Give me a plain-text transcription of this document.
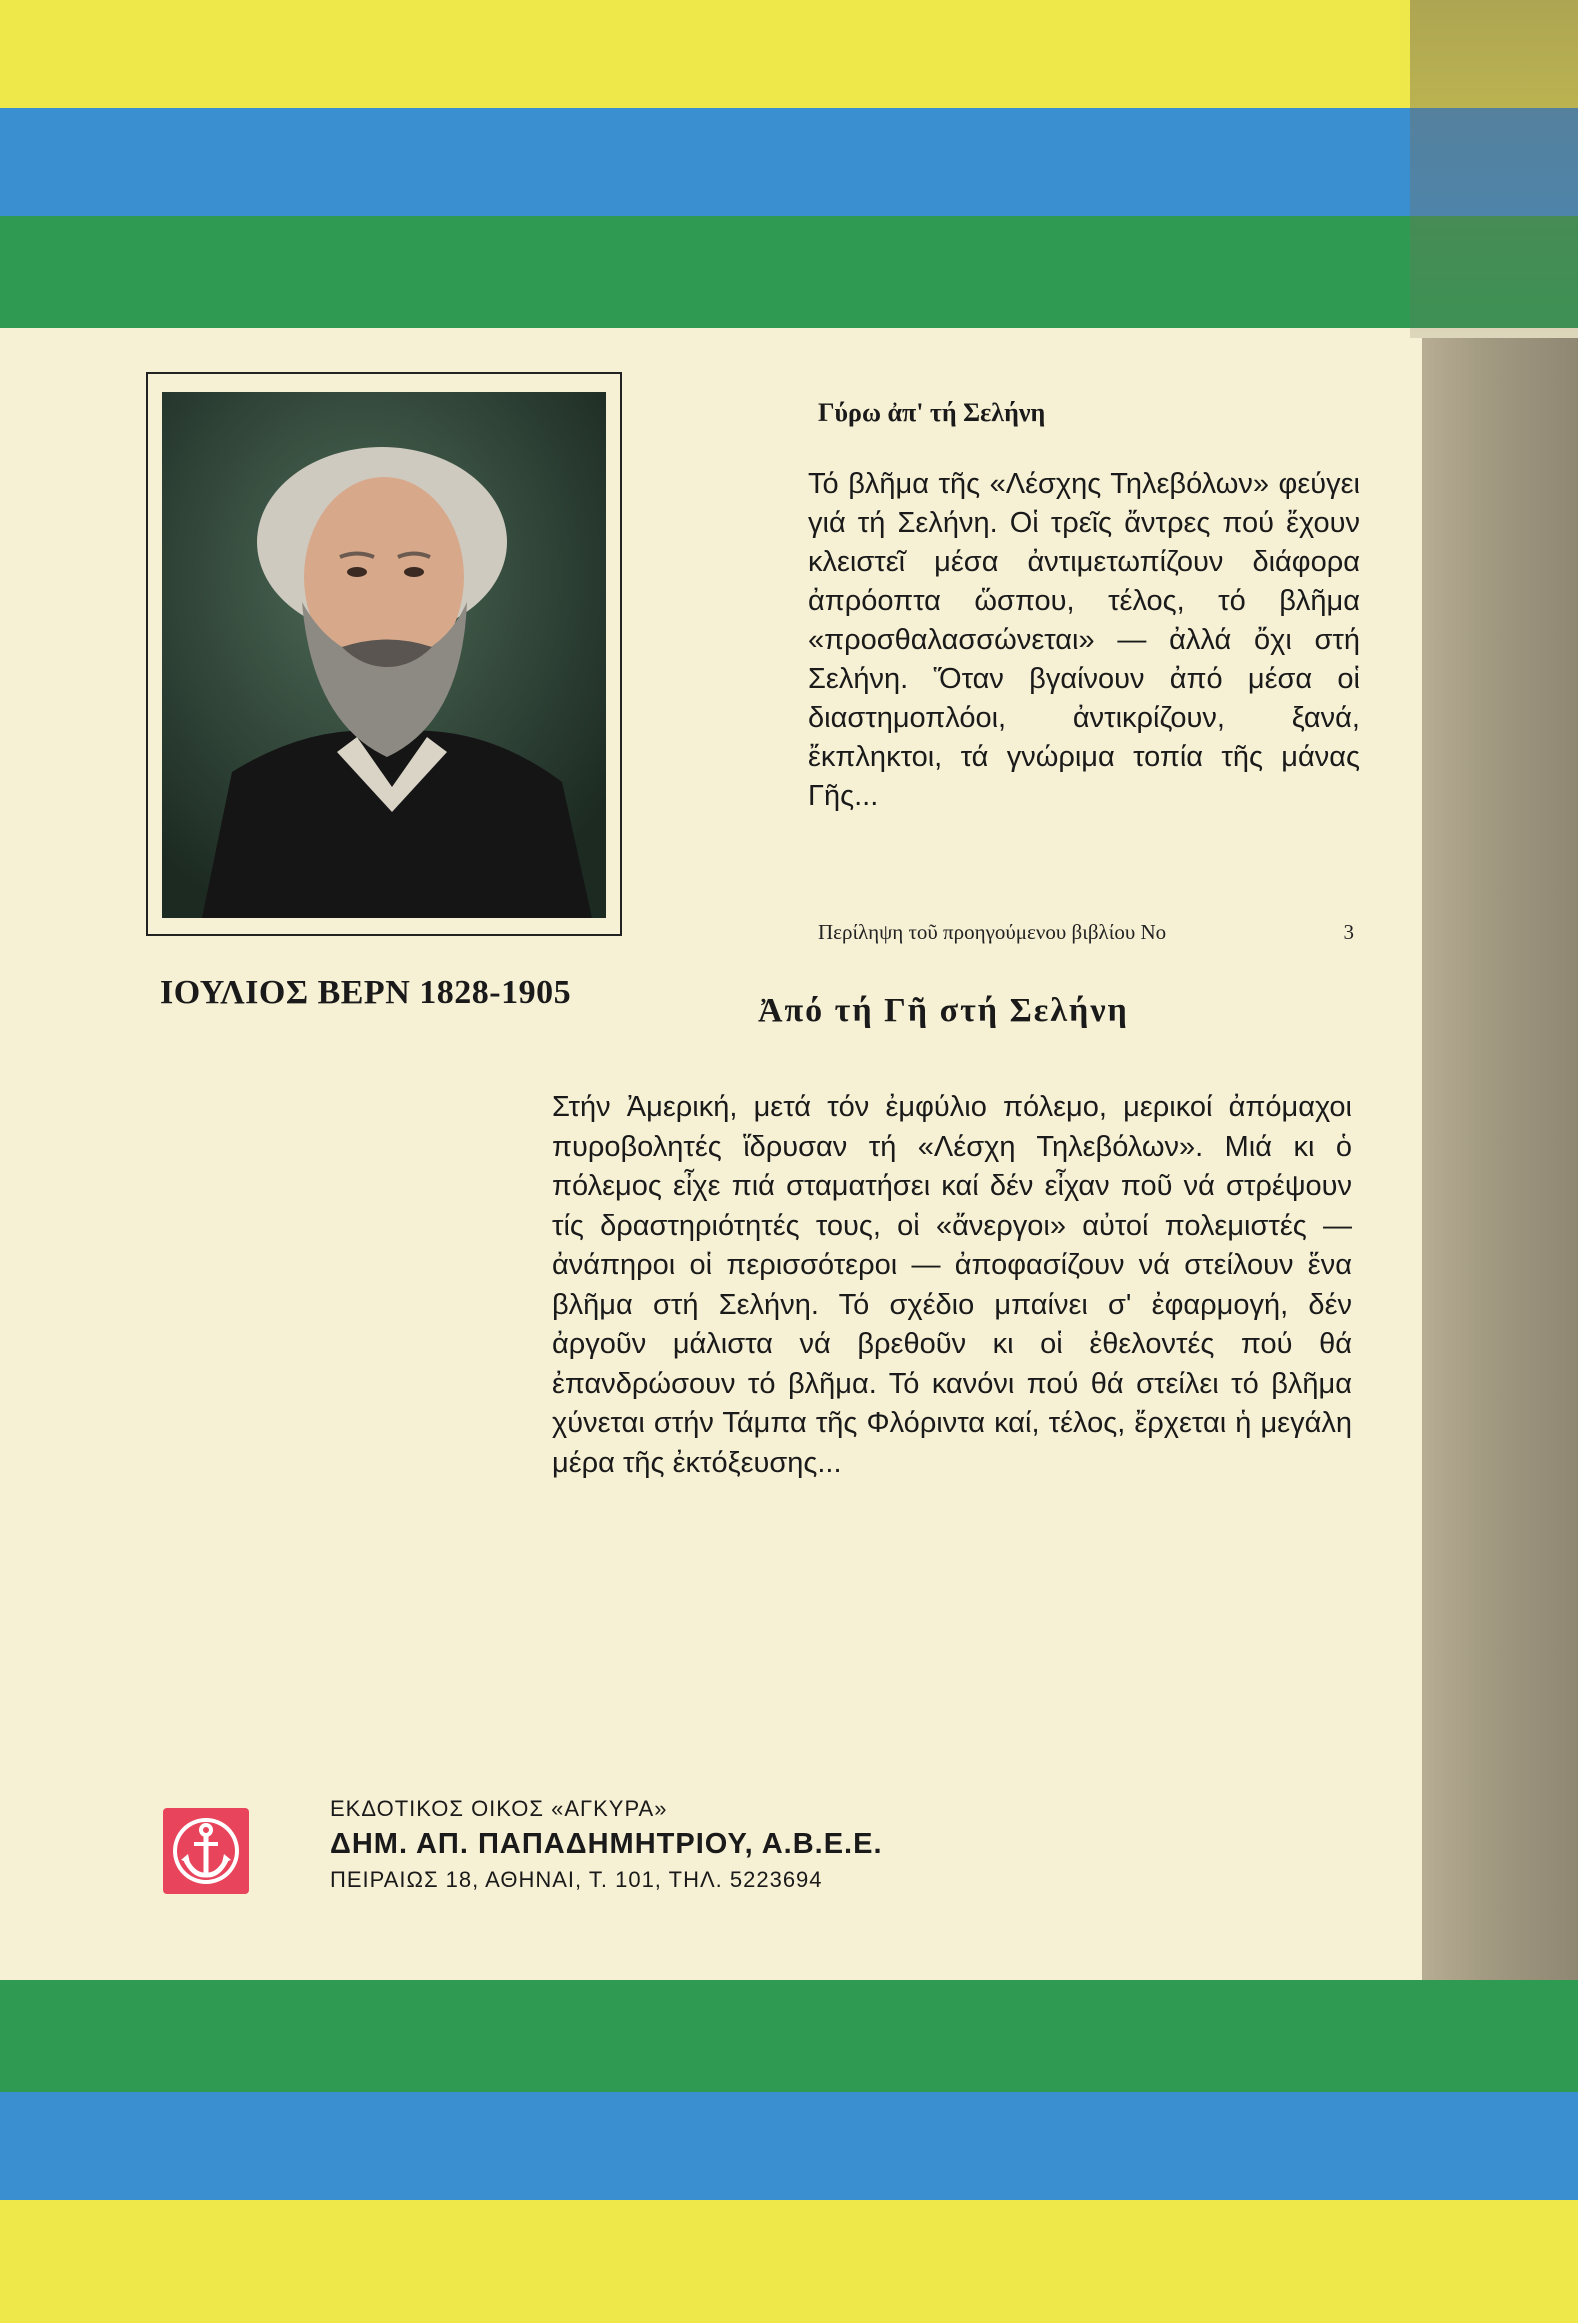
ΙΟΥΛΙΟΣ ΒΕΡΝ 1828-1905
Γύρω ἀπ' τή Σελήνη
Τό βλῆμα τῆς «Λέσχης Τηλεβόλων» φεύγει γιά τή Σελήνη. Οἱ τρεῖς ἄντρες πού ἔχουν κλειστεῖ μέσα ἀντιμετωπίζουν διάφορα ἀπρόοπτα ὥσπου, τέλος, τό βλῆμα «προσθαλασσώνεται» — ἀλλά ὄχι στή Σελήνη. Ὅταν βγαίνουν ἀπό μέσα οἱ διαστημοπλόοι, ἀντικρίζουν, ξανά, ἔκπληκτοι, τά γνώριμα τοπία τῆς μάνας Γῆς...
Περίληψη τοῦ προηγούμενου βιβλίου Νο	3
Ἀπό τή Γῆ στή Σελήνη
Στήν Ἀμερική, μετά τόν ἐμφύλιο πόλεμο, μερικοί ἀπόμαχοι πυροβολητές ἵδρυσαν τή «Λέσχη Τηλεβόλων». Μιά κι ὁ πόλεμος εἶχε πιά σταματήσει καί δέν εἶχαν ποῦ νά στρέψουν τίς δραστηριότητές τους, οἱ «ἄνεργοι» αὐτοί πολεμιστές — ἀνάπηροι οἱ περισσότεροι — ἀποφασίζουν νά στείλουν ἕνα βλῆμα στή Σελήνη. Τό σχέδιο μπαίνει σ' ἐφαρμογή, δέν ἀργοῦν μάλιστα νά βρεθοῦν κι οἱ ἐθελοντές πού θά ἐπανδρώσουν τό βλῆμα. Τό κανόνι πού θά στείλει τό βλῆμα χύνεται στήν Τάμπα τῆς Φλόριντα καί, τέλος, ἔρχεται ἡ μεγάλη μέρα τῆς ἐκτόξευσης...
ΕΚΔΟΤΙΚΟΣ ΟΙΚΟΣ «ΑΓΚΥΡΑ»
ΔΗΜ. ΑΠ. ΠΑΠΑΔΗΜΗΤΡΙΟΥ, Α.Β.Ε.Ε.
ΠΕΙΡΑΙΩΣ 18, ΑΘΗΝΑΙ, Τ. 101, ΤΗΛ. 5223694
